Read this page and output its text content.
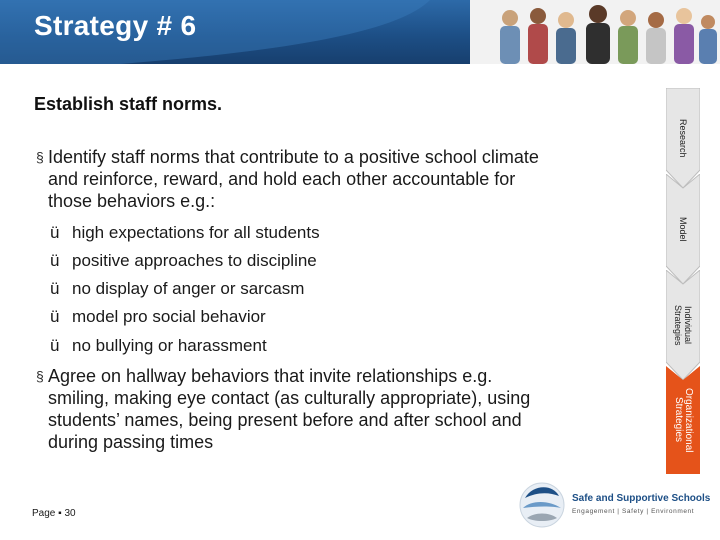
Strategy # 6
Establish staff norms.
§ Identify staff norms that contribute to a positive school climate and reinforce, reward, and hold each other accountable for those behaviors e.g.:
ü high expectations for all students
ü positive approaches to discipline
ü no display of anger or sarcasm
ü model pro social behavior
ü no bullying or harassment
§ Agree on hallway behaviors that invite relationships e.g. smiling, making eye contact (as culturally appropriate), using students’ names, being present before and after school and during passing times
Research
Model
Individual
Strategies
Organizational
Strategies
Page ▪ 30
Safe and Supportive Schools
Engagement | Safety | Environment
